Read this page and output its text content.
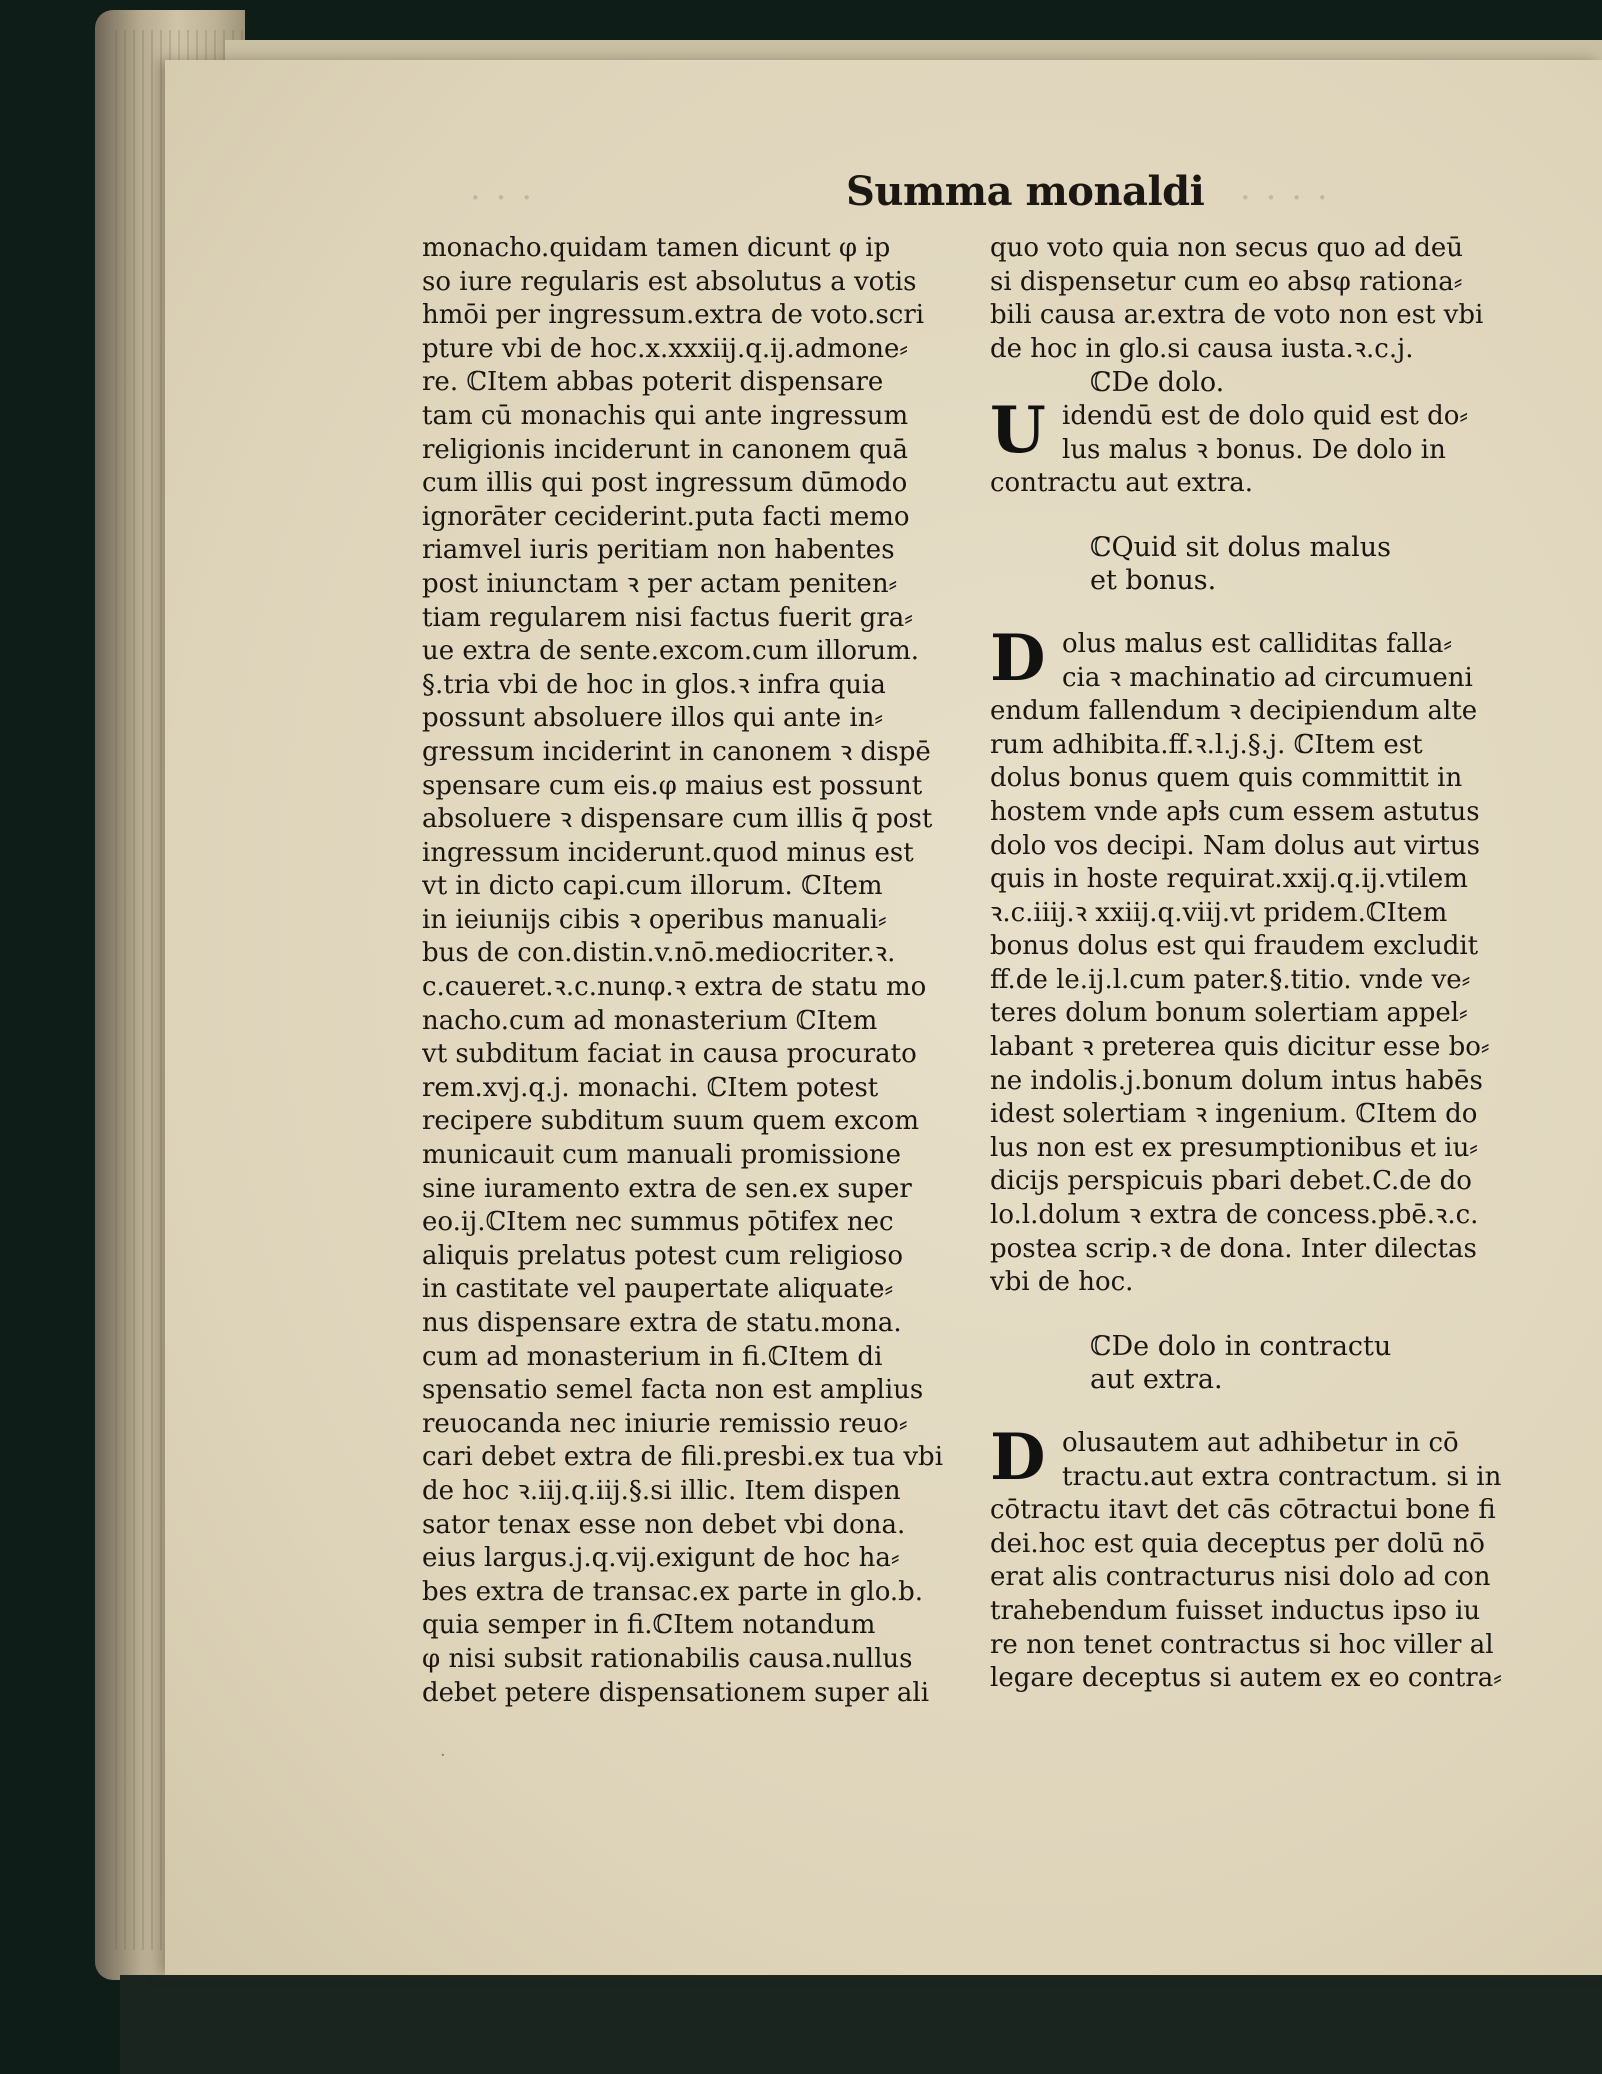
· · ·	· · · ·
Summa monaldi
monacho.quidam tamen dicunt φ ip
so iure regularis est absolutus a votis
hmōi per ingressum.extra de voto.scri
pture vbi de hoc.x.xxxiij.q.ij.admone⸗
re. ℂItem abbas poterit dispensare
tam cū monachis qui ante ingressum
religionis inciderunt in canonem quā
cum illis qui post ingressum dūmodo
ignorāter ceciderint.puta facti memo
riamvel iuris peritiam non habentes
post iniunctam ꝛ per actam peniten⸗
tiam regularem nisi factus fuerit gra⸗
ue extra de sente.excom.cum illorum.
§.tria vbi de hoc in glos.ꝛ infra quia
possunt absoluere illos qui ante in⸗
gressum inciderint in canonem ꝛ dispē
spensare cum eis.φ maius est possunt
absoluere ꝛ dispensare cum illis q̄ post
ingressum inciderunt.quod minus est
vt in dicto capi.cum illorum. ℂItem
in ieiunijs cibis ꝛ operibus manuali⸗
bus de con.distin.v.nō.mediocriter.ꝛ.
c.caueret.ꝛ.c.nunφ.ꝛ extra de statu mo
nacho.cum ad monasterium ℂItem
vt subditum faciat in causa procurato
rem.xvj.q.j. monachi. ℂItem potest
recipere subditum suum quem excom
municauit cum manuali promissione
sine iuramento extra de sen.ex super
eo.ij.ℂItem nec summus pōtifex nec
aliquis prelatus potest cum religioso
in castitate vel paupertate aliquate⸗
nus dispensare extra de statu.mona.
cum ad monasterium in fi.ℂItem di
spensatio semel facta non est amplius
reuocanda nec iniurie remissio reuo⸗
cari debet extra de fili.presbi.ex tua vbi
de hoc ꝛ.iij.q.iij.§.si illic. Item dispen
sator tenax esse non debet vbi dona.
eius largus.j.q.vij.exigunt de hoc ha⸗
bes extra de transac.ex parte in glo.b.
quia semper in fi.ℂItem notandum
φ nisi subsit rationabilis causa.nullus
debet petere dispensationem super ali
quo voto quia non secus quo ad deū
si dispensetur cum eo absφ rationa⸗
bili causa ar.extra de voto non est vbi
de hoc in glo.si causa iusta.ꝛ.c.j.
ℂDe dolo.
U idendū est de dolo quid est do⸗
lus malus ꝛ bonus. De dolo in
contractu aut extra.
ℂQuid sit dolus malus
et bonus.
D olus malus est calliditas falla⸗
cia ꝛ machinatio ad circumueni
endum fallendum ꝛ decipiendum alte
rum adhibita.ff.ꝛ.l.j.§.j. ℂItem est
dolus bonus quem quis committit in
hostem vnde apłs cum essem astutus
dolo vos decipi. Nam dolus aut virtus
quis in hoste requirat.xxij.q.ij.vtilem
ꝛ.c.iiij.ꝛ xxiij.q.viij.vt pridem.ℂItem
bonus dolus est qui fraudem excludit
ff.de le.ij.l.cum pater.§.titio. vnde ve⸗
teres dolum bonum solertiam appel⸗
labant ꝛ preterea quis dicitur esse bo⸗
ne indolis.j.bonum dolum intus habēs
idest solertiam ꝛ ingenium. ℂItem do
lus non est ex presumptionibus et iu⸗
dicijs perspicuis pbari debet.C.de do
lo.l.dolum ꝛ extra de concess.pbē.ꝛ.c.
postea scrip.ꝛ de dona. Inter dilectas
vbi de hoc.
ℂDe dolo in contractu
aut extra.
D olusautem aut adhibetur in cō
tractu.aut extra contractum. si in
cōtractu itavt det cās cōtractui bone fi
dei.hoc est quia deceptus per dolū nō
erat alis contracturus nisi dolo ad con
trahebendum fuisset inductus ipso iu
re non tenet contractus si hoc viller al
legare deceptus si autem ex eo contra⸗
·
